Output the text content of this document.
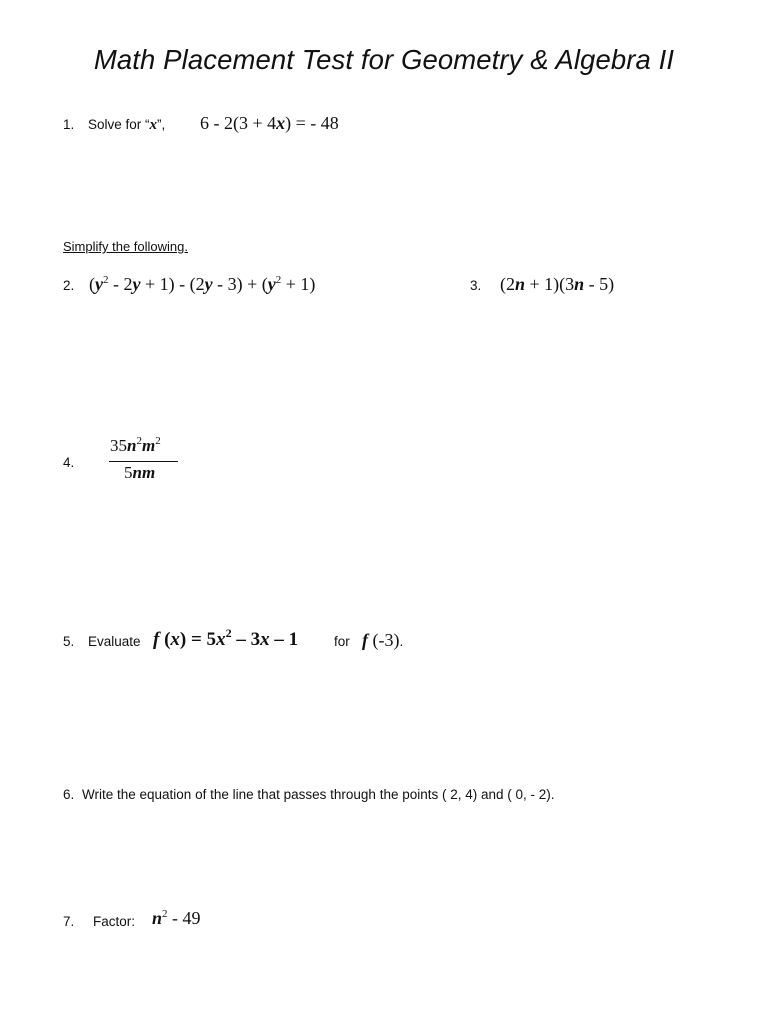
Math Placement Test for Geometry & Algebra II
1. Solve for “x”, 6 - 2(3 + 4x) = - 48
Simplify the following.
2. $(y^2 - 2y + 1) - (2y - 3) + (y^2 + 1)$	3. (2n + 1)(3n - 5)
4.
$35n^2m^2$
5nm
5. Evaluate f $(x) = 5x^2 - 3x - 1$	for f (-3).
6. Write the equation of the line that passes through the points ( 2, 4) and ( 0, - 2).
7. Factor: $n^2 - 49$
